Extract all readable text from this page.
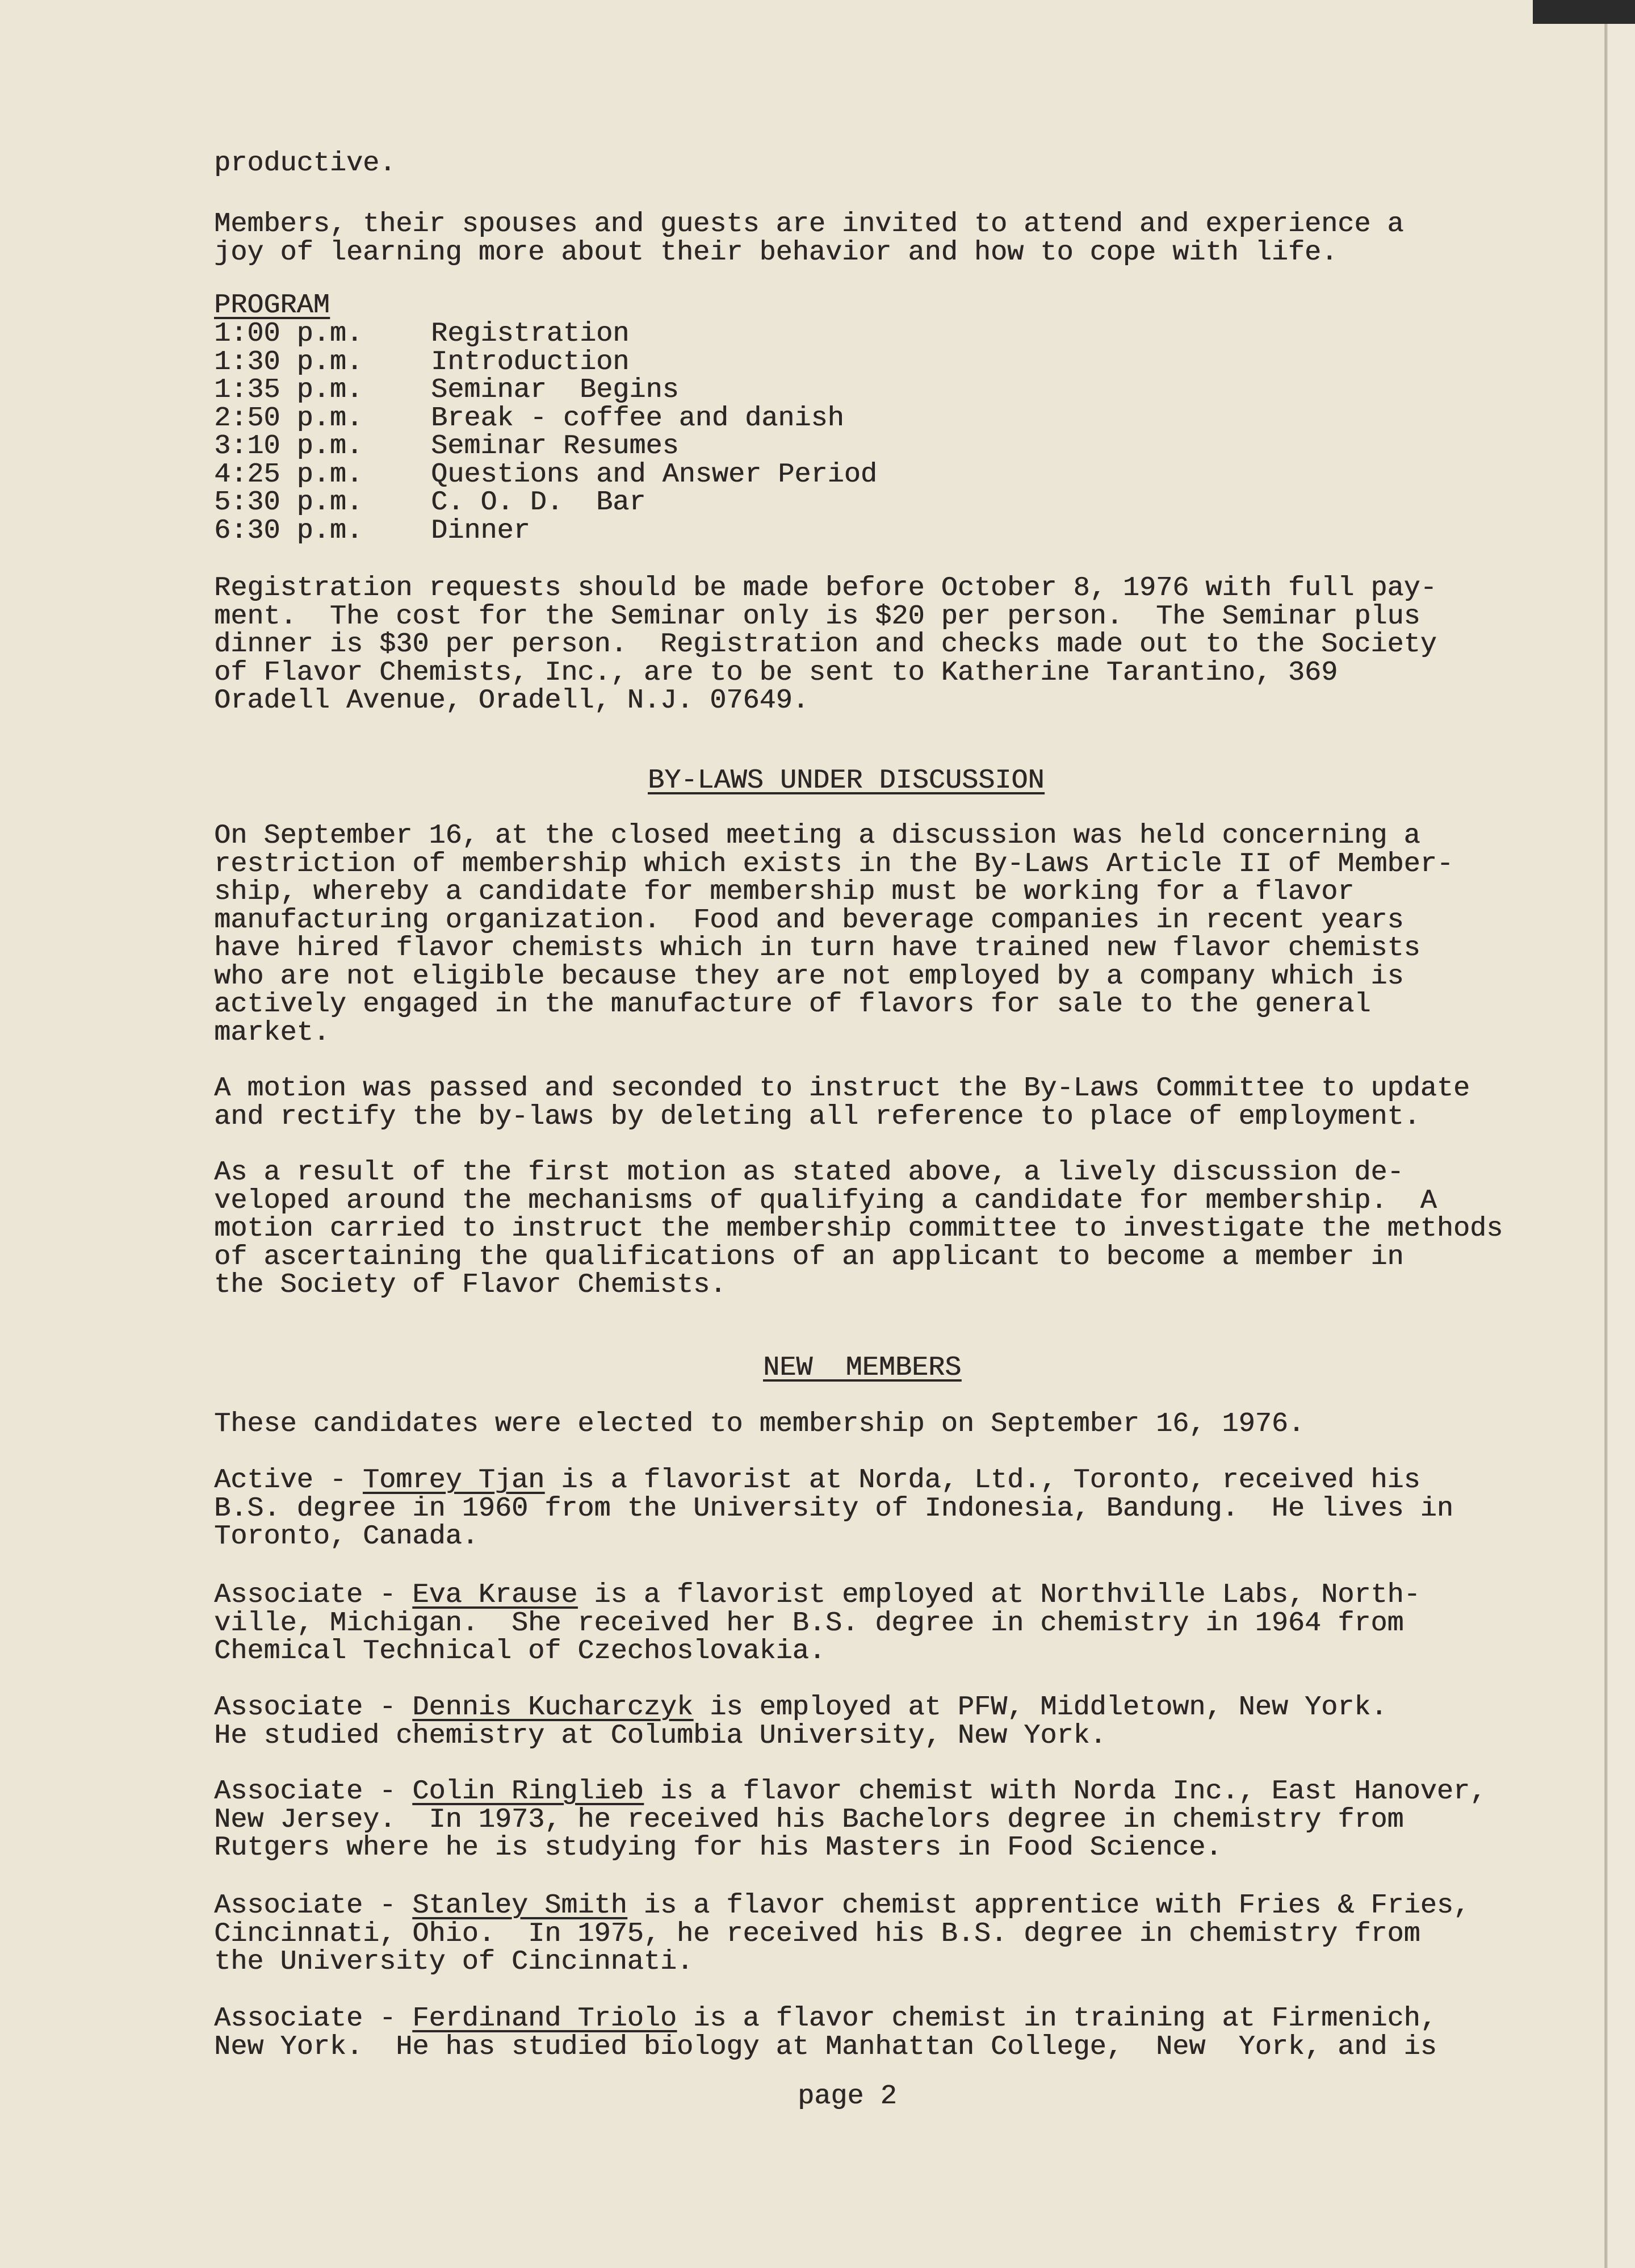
productive.
Members, their spouses and guests are invited to attend and experience a
joy of learning more about their behavior and how to cope with life.
PROGRAM
1:00 p.m. Registration
1:30 p.m. Introduction
1:35 p.m. Seminar  Begins
2:50 p.m. Break - coffee and danish
3:10 p.m. Seminar Resumes
4:25 p.m. Questions and Answer Period
5:30 p.m. C. O. D.  Bar
6:30 p.m. Dinner
Registration requests should be made before October 8, 1976 with full pay-
ment.  The cost for the Seminar only is $20 per person.  The Seminar plus
dinner is $30 per person.  Registration and checks made out to the Society
of Flavor Chemists, Inc., are to be sent to Katherine Tarantino, 369
Oradell Avenue, Oradell, N.J. 07649.
BY-LAWS UNDER DISCUSSION
On September 16, at the closed meeting a discussion was held concerning a
restriction of membership which exists in the By-Laws Article II of Member-
ship, whereby a candidate for membership must be working for a flavor
manufacturing organization.  Food and beverage companies in recent years
have hired flavor chemists which in turn have trained new flavor chemists
who are not eligible because they are not employed by a company which is
actively engaged in the manufacture of flavors for sale to the general
market.
A motion was passed and seconded to instruct the By-Laws Committee to update
and rectify the by-laws by deleting all reference to place of employment.
As a result of the first motion as stated above, a lively discussion de-
veloped around the mechanisms of qualifying a candidate for membership.  A
motion carried to instruct the membership committee to investigate the methods
of ascertaining the qualifications of an applicant to become a member in
the Society of Flavor Chemists.
NEW  MEMBERS
These candidates were elected to membership on September 16, 1976.
Active - Tomrey Tjan is a flavorist at Norda, Ltd., Toronto, received his
B.S. degree in 1960 from the University of Indonesia, Bandung.  He lives in
Toronto, Canada.
Associate - Eva Krause is a flavorist employed at Northville Labs, North-
ville, Michigan.  She received her B.S. degree in chemistry in 1964 from
Chemical Technical of Czechoslovakia.
Associate - Dennis Kucharczyk is employed at PFW, Middletown, New York.
He studied chemistry at Columbia University, New York.
Associate - Colin Ringlieb is a flavor chemist with Norda Inc., East Hanover,
New Jersey.  In 1973, he received his Bachelors degree in chemistry from
Rutgers where he is studying for his Masters in Food Science.
Associate - Stanley Smith is a flavor chemist apprentice with Fries & Fries,
Cincinnati, Ohio.  In 1975, he received his B.S. degree in chemistry from
the University of Cincinnati.
Associate - Ferdinand Triolo is a flavor chemist in training at Firmenich,
New York.  He has studied biology at Manhattan College,  New  York, and is
page 2
